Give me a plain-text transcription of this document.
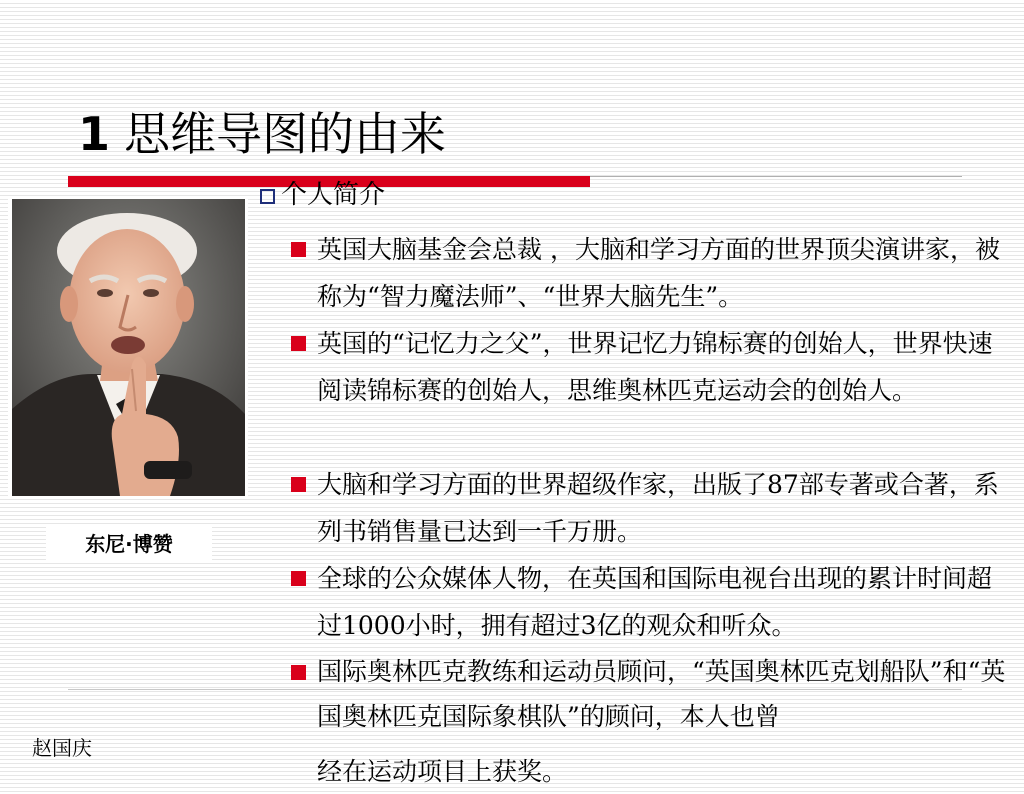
1 思维导图的由来
东尼·博赞
个人简介
英国大脑基金会总裁 ，大脑和学习方面的世界顶尖演讲家，被称为“智力魔法师”、“世界大脑先生”。
英国的“记忆力之父”，世界记忆力锦标赛的创始人，世界快速阅读锦标赛的创始人，思维奥林匹克运动会的创始人。
大脑和学习方面的世界超级作家，出版了87部专著或合著，系列书销售量已达到一千万册。
全球的公众媒体人物，在英国和国际电视台出现的累计时间超过1000小时，拥有超过3亿的观众和听众。
国际奥林匹克教练和运动员顾问，“英国奥林匹克划船队”和“英国奥林匹克国际象棋队”的顾问，本人也曾
经在运动项目上获奖。
赵国庆
